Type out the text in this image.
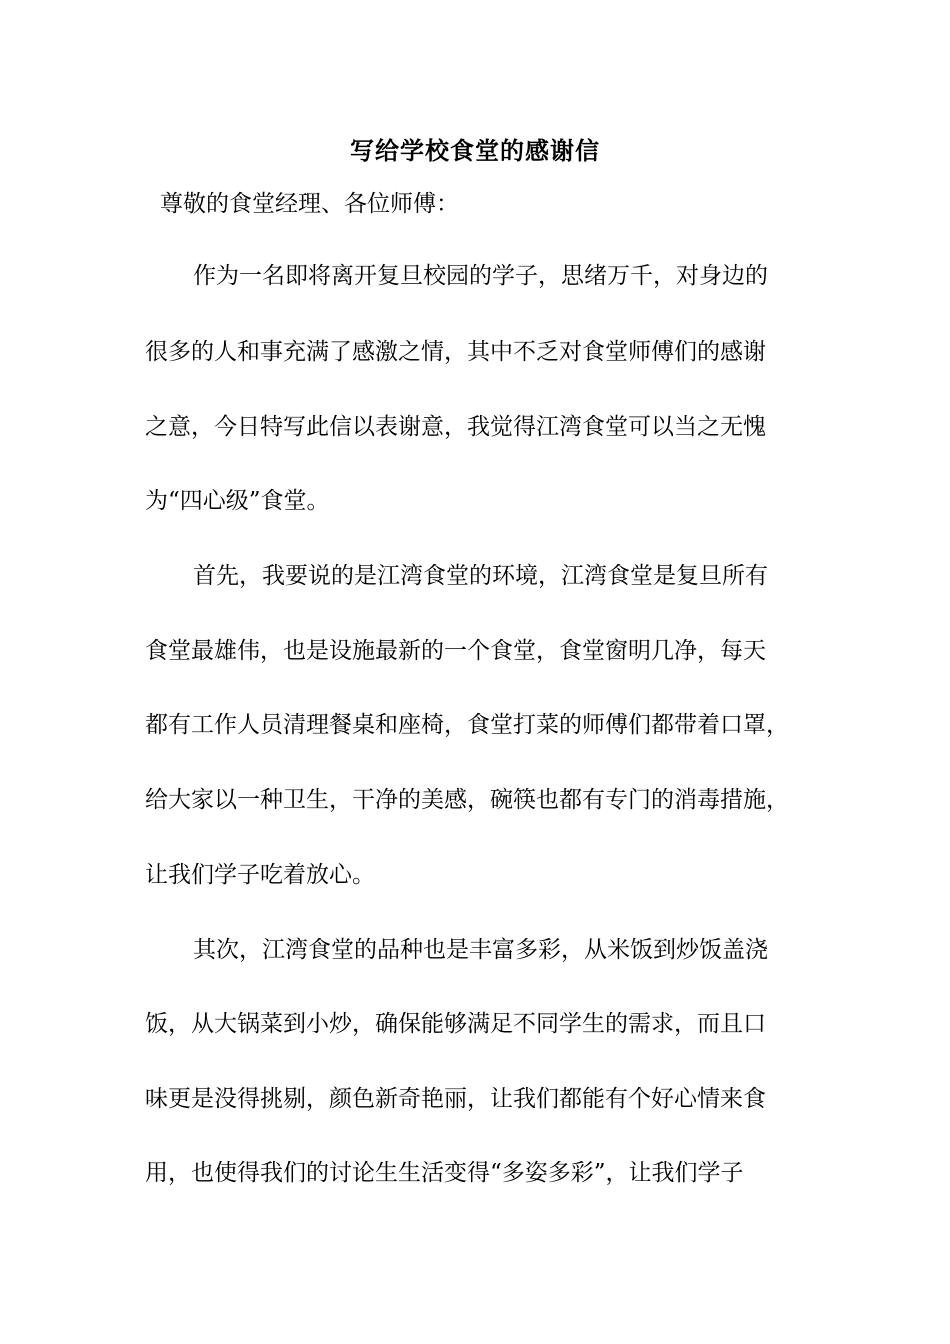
写给学校食堂的感谢信
尊敬的食堂经理、各位师傅：
作为一名即将离开复旦校园的学子，思绪万千，对身边的
很多的人和事充满了感激之情，其中不乏对食堂师傅们的感谢
之意，今日特写此信以表谢意，我觉得江湾食堂可以当之无愧
为“四心级”食堂。
首先，我要说的是江湾食堂的环境，江湾食堂是复旦所有
食堂最雄伟，也是设施最新的一个食堂，食堂窗明几净，每天
都有工作人员清理餐桌和座椅，食堂打菜的师傅们都带着口罩，
给大家以一种卫生，干净的美感，碗筷也都有专门的消毒措施，
让我们学子吃着放心。
其次，江湾食堂的品种也是丰富多彩，从米饭到炒饭盖浇
饭，从大锅菜到小炒，确保能够满足不同学生的需求，而且口
味更是没得挑剔，颜色新奇艳丽，让我们都能有个好心情来食
用，也使得我们的讨论生生活变得“多姿多彩”，让我们学子
